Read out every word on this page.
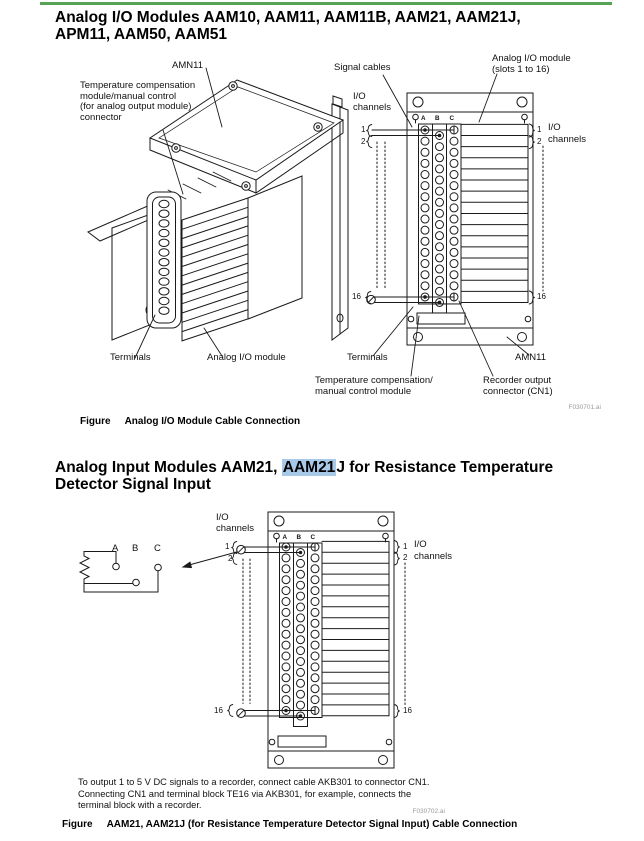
Analog I/O Modules AAM10, AAM11, AAM11B, AAM21, AAM21J,
APM11, AAM50, AAM51
AMN11
Temperature compensation
module/manual control
(for analog output module)
connector
Signal cables
Analog I/O module
(slots 1 to 16)
I/O
channels
A B C
1
2
16
1 I/O
2 channels
16
Terminals	Analog I/O module	Terminals
Temperature compensation/
manual control module
Recorder output
connector (CN1)
AMN11
F030701.ai
Figure Analog I/O Module Cable Connection
Analog Input Modules AAM21, AAM21J for Resistance Temperature
Detector Signal Input
I/O
channels
A B C
A B C
1
2
16
1 I/O
2 channels
16
To output 1 to 5 V DC signals to a recorder, connect cable AKB301 to connector CN1.
Connecting CN1 and terminal block TE16 via AKB301, for example, connects the
terminal block with a recorder.
F030702.ai
Figure AAM21, AAM21J (for Resistance Temperature Detector Signal Input) Cable Connection
